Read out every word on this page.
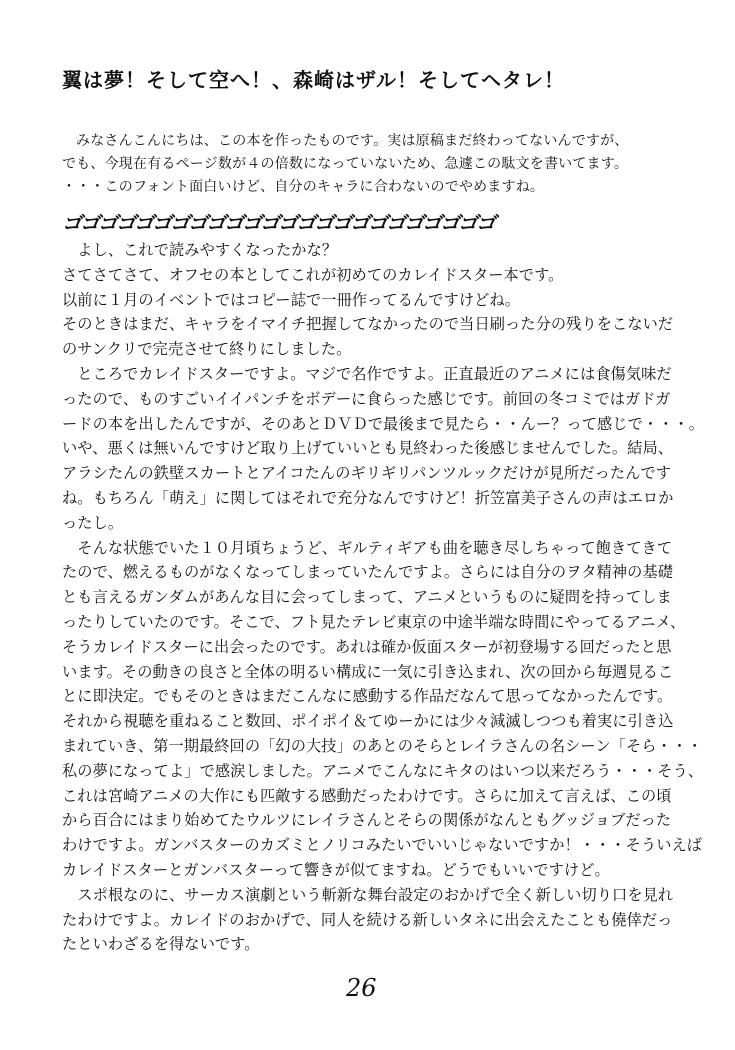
翼は夢！そして空へ！、森崎はザル！そしてヘタレ！
みなさんこんにちは、この本を作ったものです。実は原稿まだ終わってないんですが、
でも、今現在有るページ数が４の倍数になっていないため、急遽この駄文を書いてます。
・・・このフォント面白いけど、自分のキャラに合わないのでやめますね。
ゴゴゴゴゴゴゴゴゴゴゴゴゴゴゴゴゴゴゴゴゴゴゴゴ
　よし、これで読みやすくなったかな？
さてさてさて、オフセの本としてこれが初めてのカレイドスター本です。
以前に１月のイベントではコピー誌で一冊作ってるんですけどね。
そのときはまだ、キャラをイマイチ把握してなかったので当日刷った分の残りをこないだ
のサンクリで完売させて終りにしました。
　ところでカレイドスターですよ。マジで名作ですよ。正直最近のアニメには食傷気味だ
ったので、ものすごいイイパンチをボデーに食らった感じです。前回の冬コミではガドガ
ードの本を出したんですが、そのあとＤＶＤで最後まで見たら・・んー？って感じで・・・。
いや、悪くは無いんですけど取り上げていいとも見終わった後感じませんでした。結局、
アラシたんの鉄壁スカートとアイコたんのギリギリパンツルックだけが見所だったんです
ね。もちろん「萌え」に関してはそれで充分なんですけど！折笠富美子さんの声はエロか
ったし。
　そんな状態でいた１０月頃ちょうど、ギルティギアも曲を聴き尽しちゃって飽きてきて
たので、燃えるものがなくなってしまっていたんですよ。さらには自分のヲタ精神の基礎
とも言えるガンダムがあんな目に会ってしまって、アニメというものに疑問を持ってしま
ったりしていたのです。そこで、フト見たテレビ東京の中途半端な時間にやってるアニメ、
そうカレイドスターに出会ったのです。あれは確か仮面スターが初登場する回だったと思
います。その動きの良さと全体の明るい構成に一気に引き込まれ、次の回から毎週見るこ
とに即決定。でもそのときはまだこんなに感動する作品だなんて思ってなかったんです。
それから視聴を重ねること数回、ポイポイ＆てゆーかには少々減滅しつつも着実に引き込
まれていき、第一期最終回の「幻の大技」のあとのそらとレイラさんの名シーン「そら・・・
私の夢になってよ」で感涙しました。アニメでこんなにキタのはいつ以来だろう・・・そう、
これは宮崎アニメの大作にも匹敵する感動だったわけです。さらに加えて言えば、この頃
から百合にはまり始めてたウルツにレイラさんとそらの関係がなんともグッジョブだった
わけですよ。ガンバスターのカズミとノリコみたいでいいじゃないですか！・・・そういえば
カレイドスターとガンバスターって響きが似てますね。どうでもいいですけど。
　スポ根なのに、サーカス演劇という斬新な舞台設定のおかげで全く新しい切り口を見れ
たわけですよ。カレイドのおかげで、同人を続ける新しいタネに出会えたことも僥倖だっ
たといわざるを得ないです。
26
